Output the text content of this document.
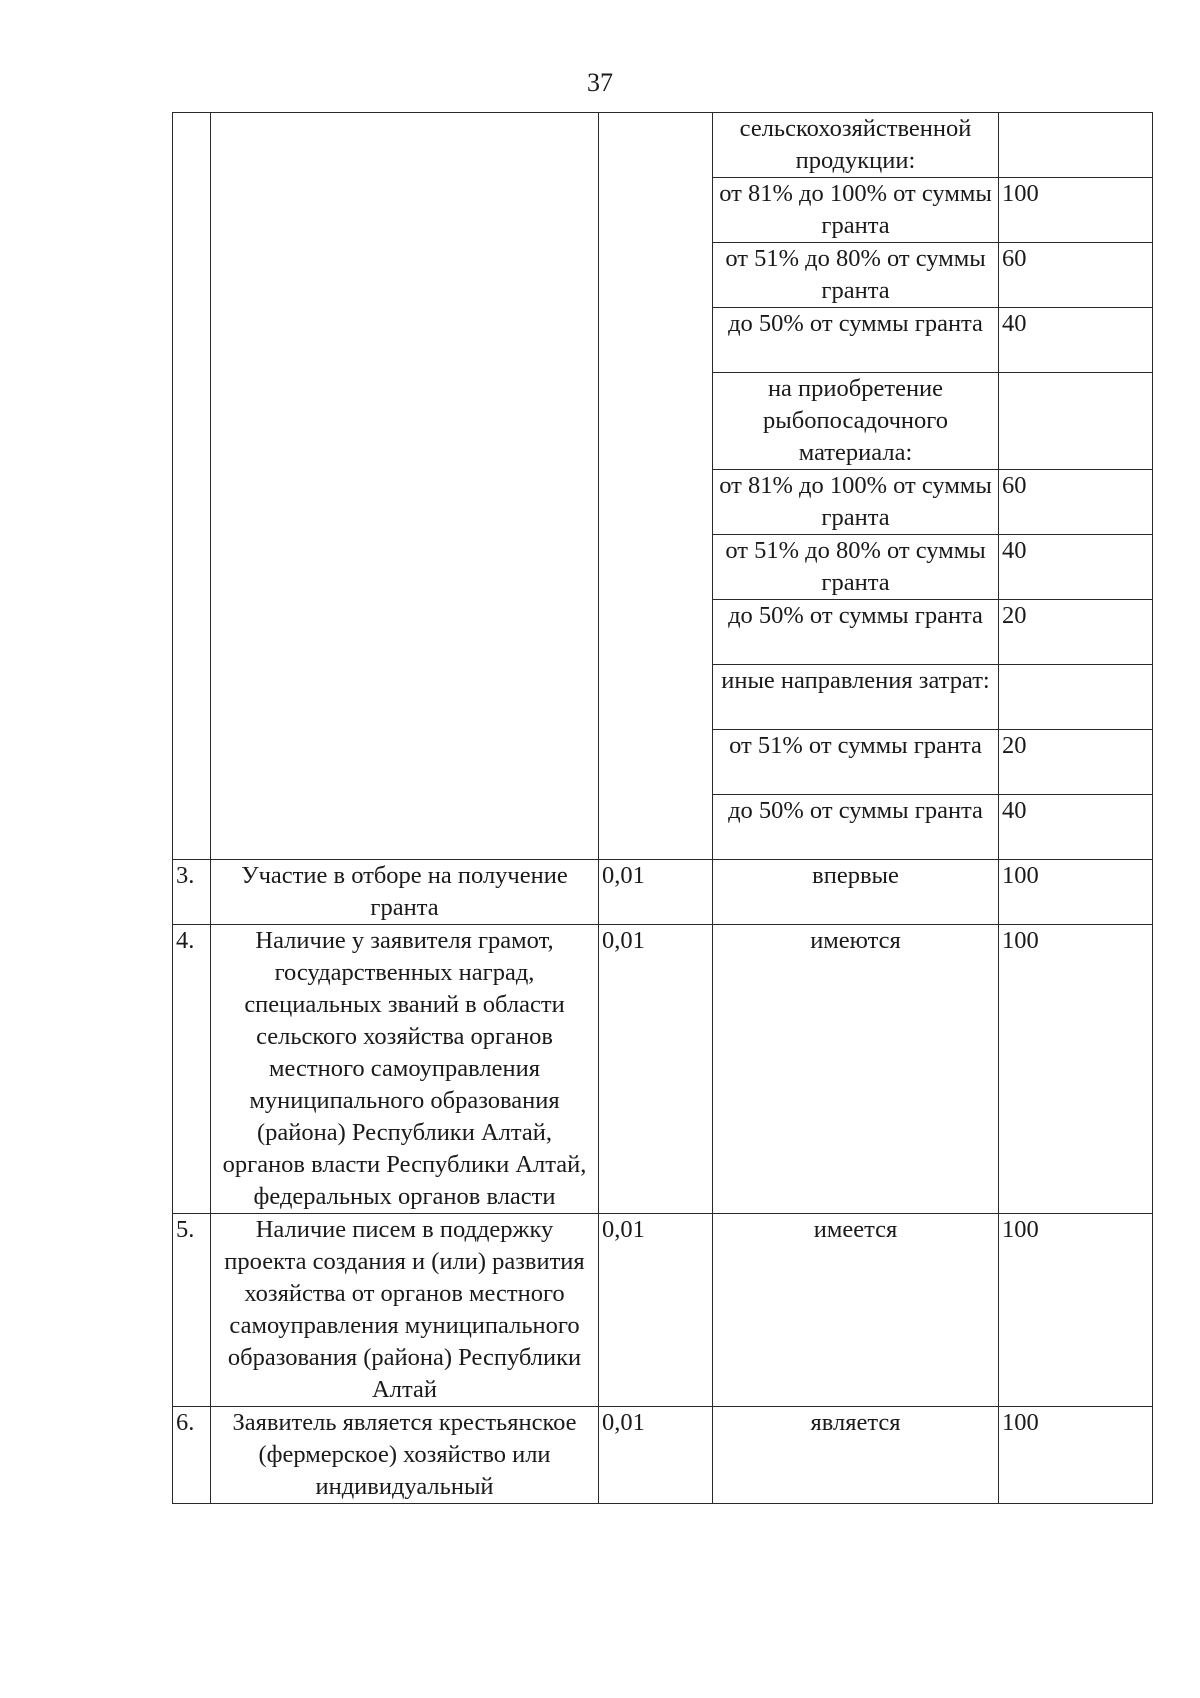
37
			сельскохозяйственной продукции:	
			от 81% до 100% от суммы гранта	100
			от 51% до 80% от суммы гранта	60
			до 50% от суммы гранта	40
			на приобретение рыбопосадочного материала:	
			от 81% до 100% от суммы гранта	60
			от 51% до 80% от суммы гранта	40
			до 50% от суммы гранта	20
			иные направления затрат:	
			от 51% от суммы гранта	20
			до 50% от суммы гранта	40
3.	Участие в отборе на получение гранта	0,01	впервые	100
4.	Наличие у заявителя грамот, государственных наград, специальных званий в области сельского хозяйства органов местного самоуправления муниципального образования (района) Республики Алтай, органов власти Республики Алтай, федеральных органов власти	0,01	имеются	100
5.	Наличие писем в поддержку проекта создания и (или) развития хозяйства от органов местного самоуправления муниципального образования (района) Республики Алтай	0,01	имеется	100
6.	Заявитель является крестьянское (фермерское) хозяйство или индивидуальный	0,01	является	100
